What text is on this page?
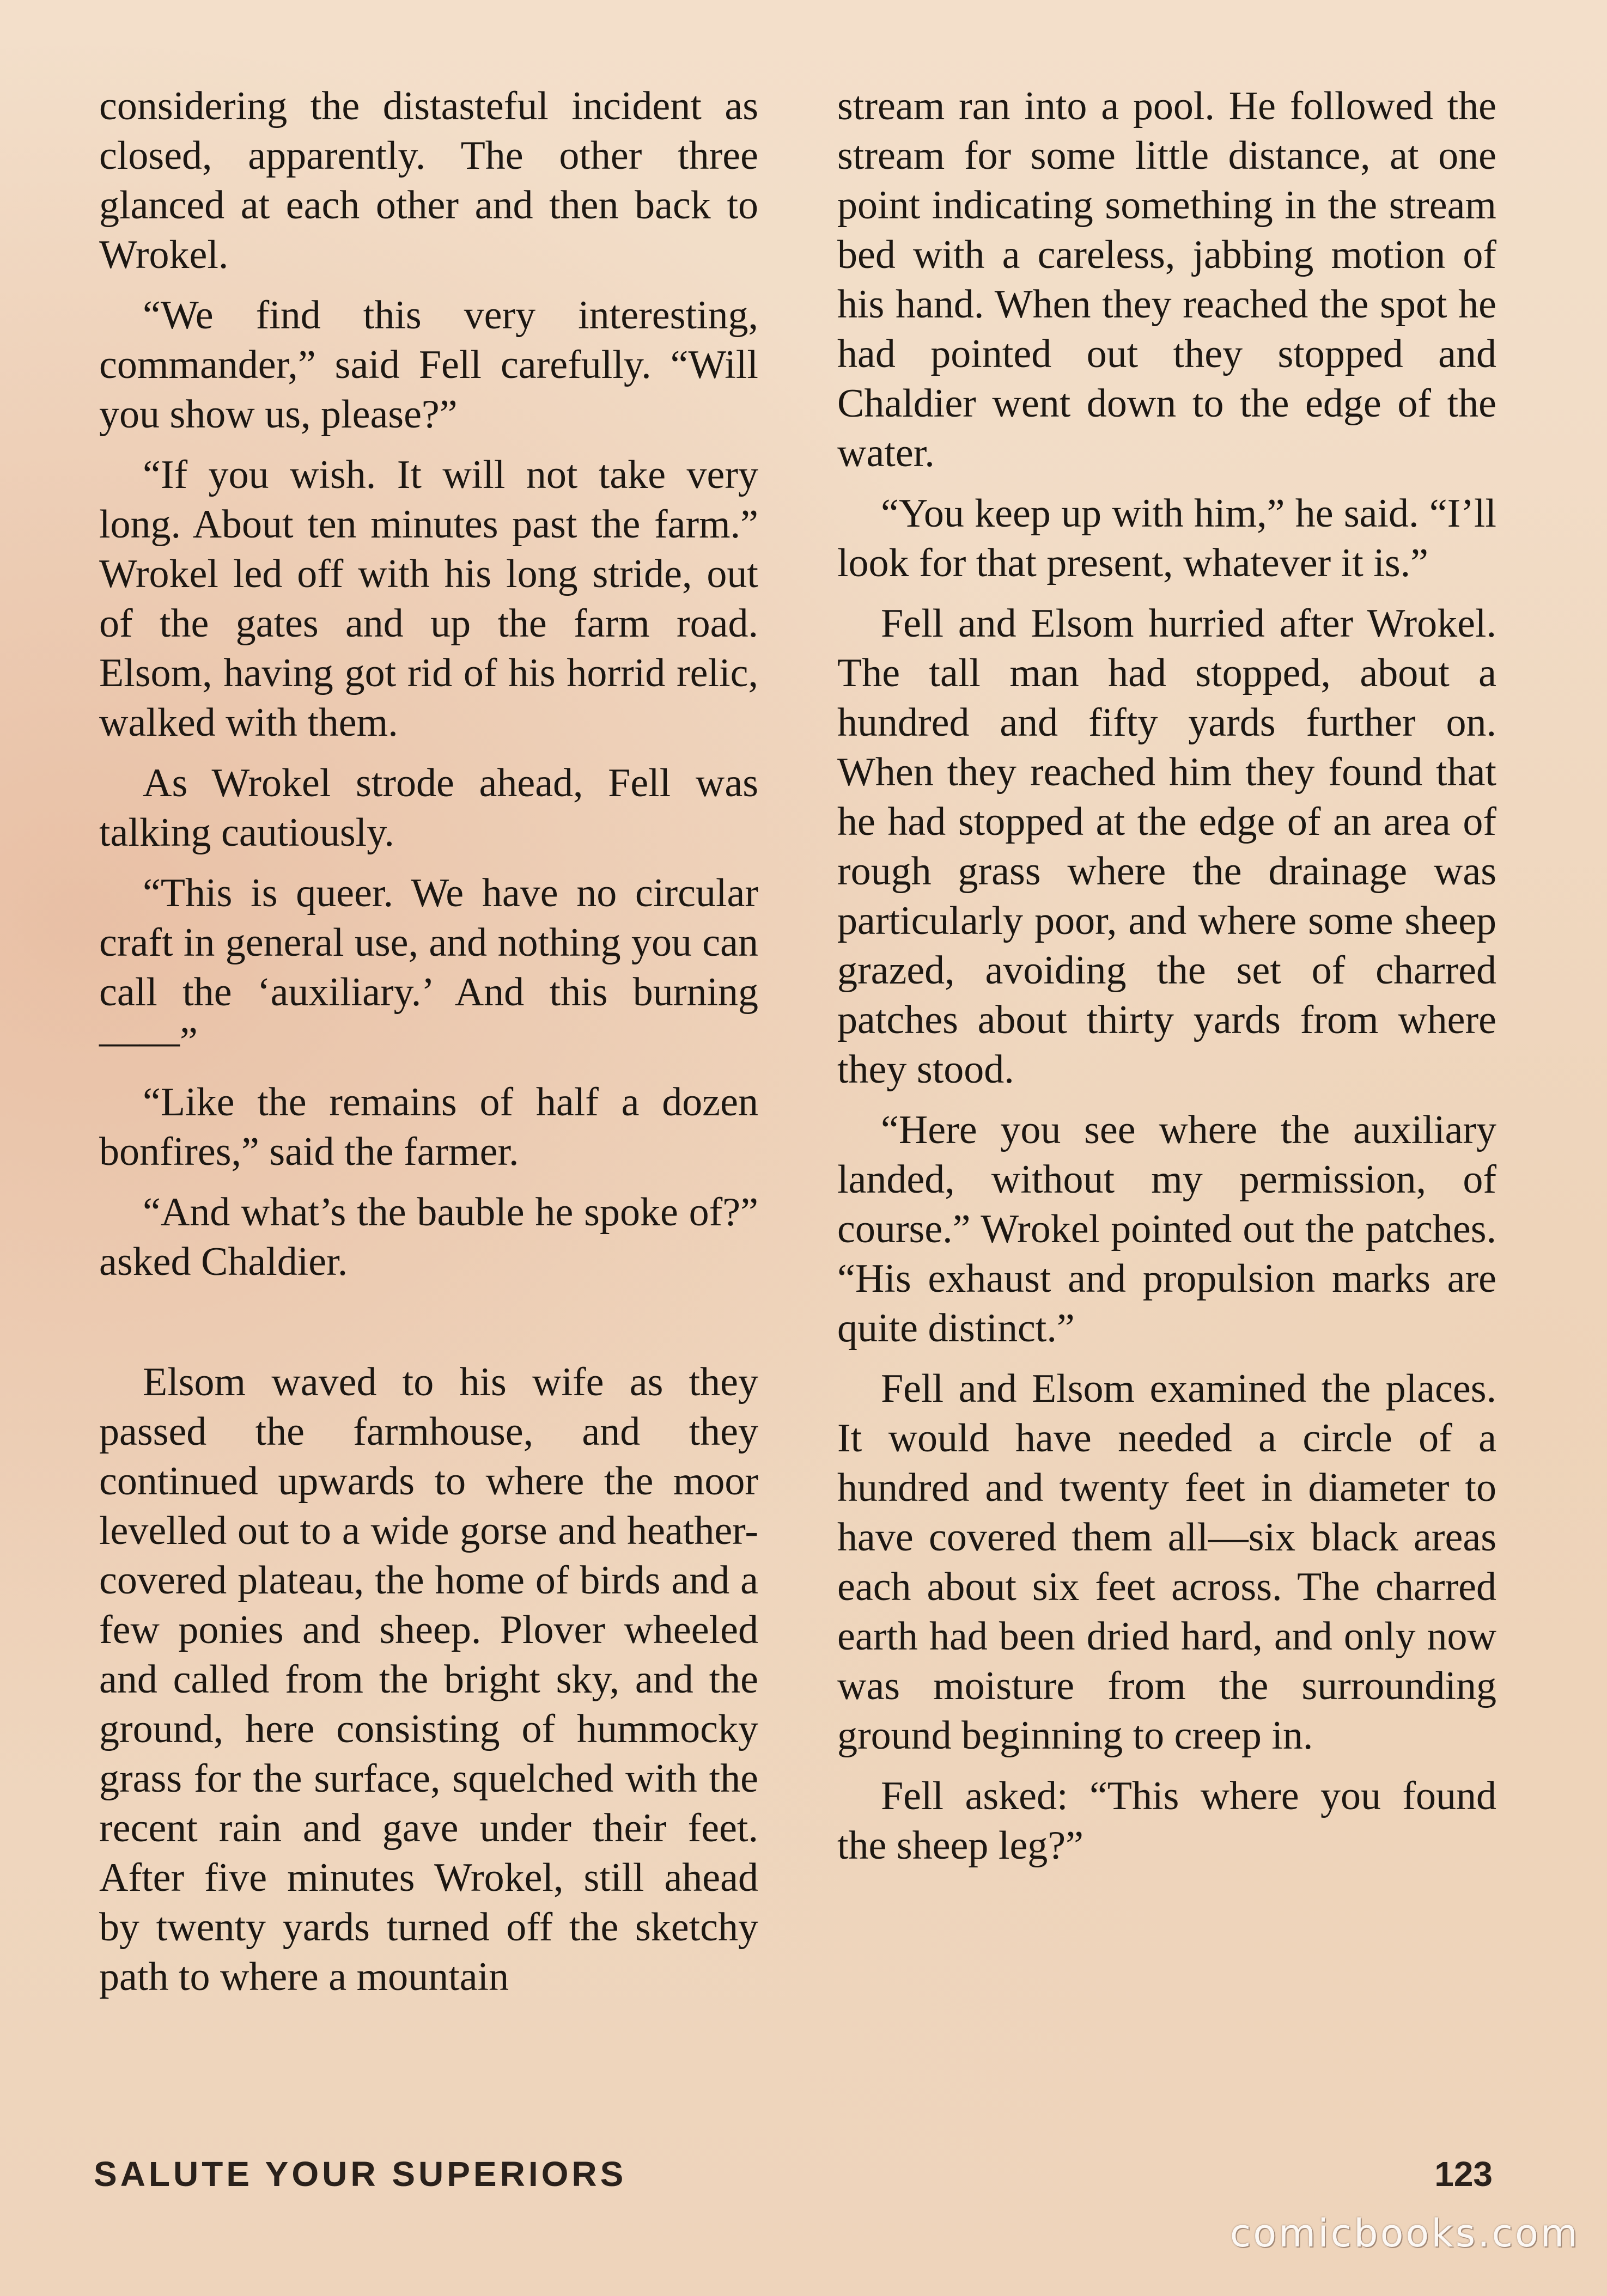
considering the distasteful incident as closed, apparently. The other three glanced at each other and then back to Wrokel.

“We find this very interesting, commander,” said Fell carefully. “Will you show us, please?”

“If you wish. It will not take very long. About ten minutes past the farm.” Wrokel led off with his long stride, out of the gates and up the farm road. Elsom, having got rid of his horrid relic, walked with them.

As Wrokel strode ahead, Fell was talking cautiously.

“This is queer. We have no circular craft in general use, and nothing you can call the ‘auxiliary.’ And this burning——”

“Like the remains of half a dozen bonfires,” said the farmer.

“And what’s the bauble he spoke of?” asked Chaldier.

Elsom waved to his wife as they passed the farmhouse, and they continued upwards to where the moor levelled out to a wide gorse and heather-covered plateau, the home of birds and a few ponies and sheep. Plover wheeled and called from the bright sky, and the ground, here consisting of hummocky grass for the surface, squelched with the recent rain and gave under their feet. After five minutes Wrokel, still ahead by twenty yards turned off the sketchy path to where a mountain

stream ran into a pool. He followed the stream for some little distance, at one point indicating something in the stream bed with a careless, jabbing motion of his hand. When they reached the spot he had pointed out they stopped and Chaldier went down to the edge of the water.

“You keep up with him,” he said. “I’ll look for that present, whatever it is.”

Fell and Elsom hurried after Wrokel. The tall man had stopped, about a hundred and fifty yards further on. When they reached him they found that he had stopped at the edge of an area of rough grass where the drainage was particularly poor, and where some sheep grazed, avoiding the set of charred patches about thirty yards from where they stood.

“Here you see where the auxiliary landed, without my permission, of course.” Wrokel pointed out the patches. “His exhaust and propulsion marks are quite distinct.”

Fell and Elsom examined the places. It would have needed a circle of a hundred and twenty feet in diameter to have covered them all—six black areas each about six feet across. The charred earth had been dried hard, and only now was moisture from the surrounding ground beginning to creep in.

Fell asked: “This where you found the sheep leg?”

SALUTE YOUR SUPERIORS	123
comicbooks.com
